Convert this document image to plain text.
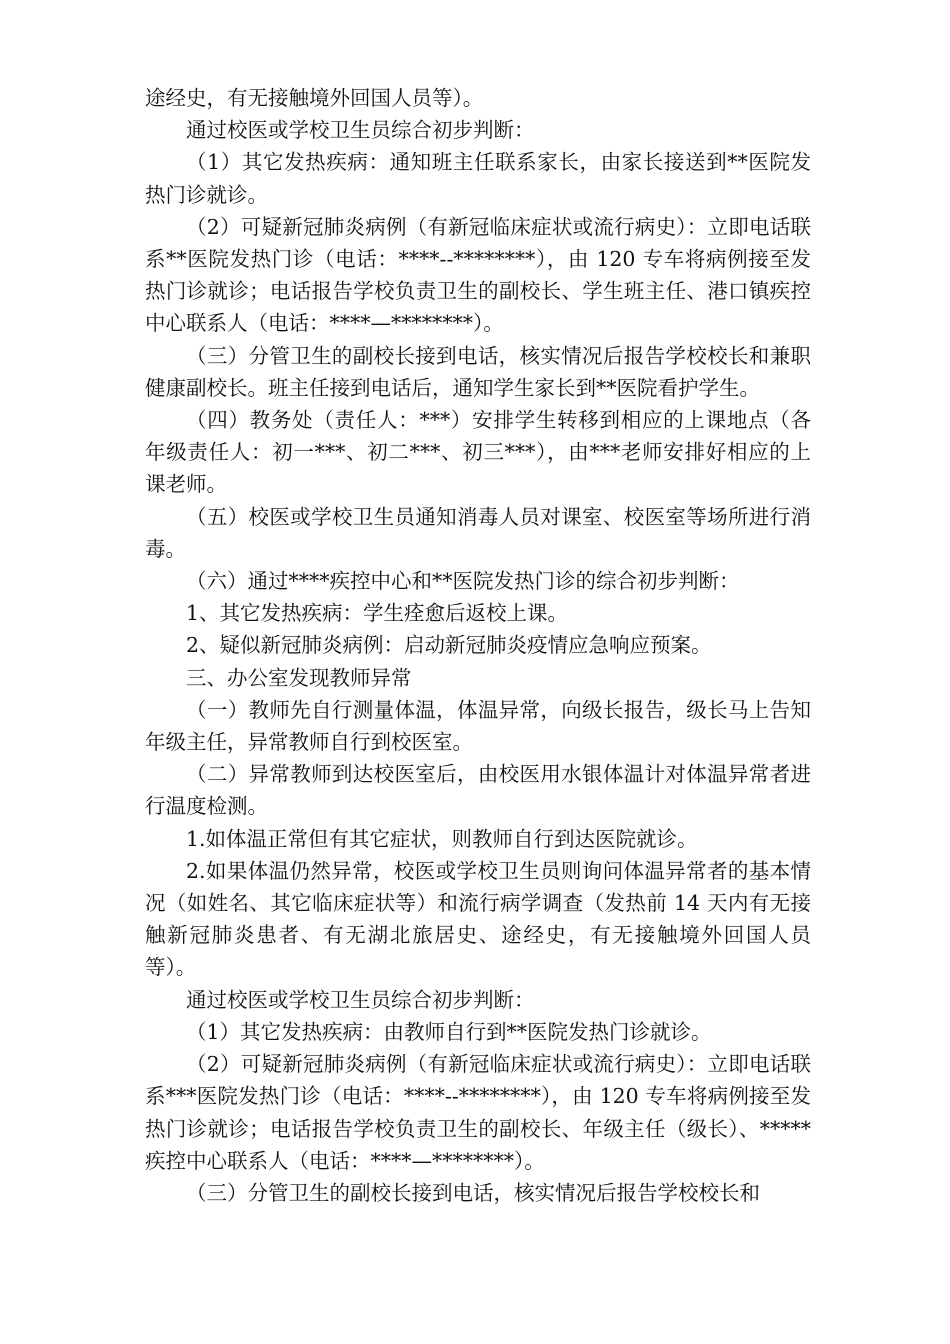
途经史，有无接触境外回国人员等）。

通过校医或学校卫生员综合初步判断：

（1）其它发热疾病：通知班主任联系家长，由家长接送到**医院发热门诊就诊。

（2）可疑新冠肺炎病例（有新冠临床症状或流行病史）：立即电话联系**医院发热门诊（电话：****--********），由 120 专车将病例接至发热门诊就诊；电话报告学校负责卫生的副校长、学生班主任、港口镇疾控中心联系人（电话：****—********）。

（三）分管卫生的副校长接到电话，核实情况后报告学校校长和兼职健康副校长。班主任接到电话后，通知学生家长到**医院看护学生。

（四）教务处（责任人：***）安排学生转移到相应的上课地点（各年级责任人：初一***、初二***、初三***），由***老师安排好相应的上课老师。

（五）校医或学校卫生员通知消毒人员对课室、校医室等场所进行消毒。

（六）通过****疾控中心和**医院发热门诊的综合初步判断：

1、其它发热疾病：学生痊愈后返校上课。

2、疑似新冠肺炎病例：启动新冠肺炎疫情应急响应预案。

三、办公室发现教师异常

（一）教师先自行测量体温，体温异常，向级长报告，级长马上告知年级主任，异常教师自行到校医室。

（二）异常教师到达校医室后，由校医用水银体温计对体温异常者进行温度检测。

1.如体温正常但有其它症状，则教师自行到达医院就诊。

2.如果体温仍然异常，校医或学校卫生员则询问体温异常者的基本情况（如姓名、其它临床症状等）和流行病学调查（发热前 14 天内有无接触新冠肺炎患者、有无湖北旅居史、途经史，有无接触境外回国人员等）。

通过校医或学校卫生员综合初步判断：

（1）其它发热疾病：由教师自行到**医院发热门诊就诊。

（2）可疑新冠肺炎病例（有新冠临床症状或流行病史）：立即电话联系***医院发热门诊（电话：****--********），由 120 专车将病例接至发热门诊就诊；电话报告学校负责卫生的副校长、年级主任（级长）、*****疾控中心联系人（电话：****—********）。

（三）分管卫生的副校长接到电话，核实情况后报告学校校长和
